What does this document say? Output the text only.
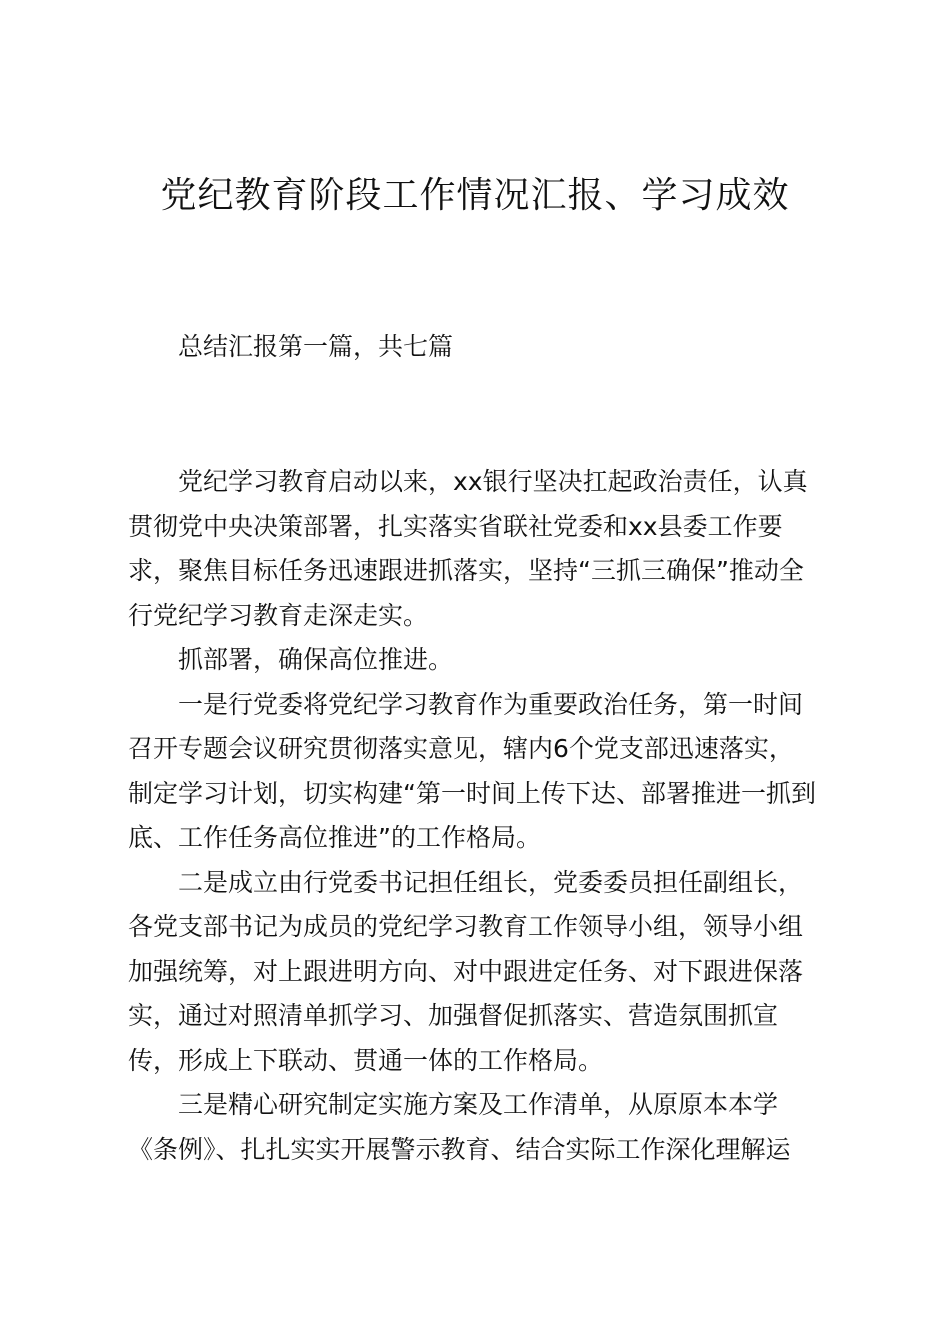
党纪教育阶段工作情况汇报、学习成效

总结汇报第一篇，共七篇

　　党纪学习教育启动以来，xx银行坚决扛起政治责任，认真
贯彻党中央决策部署，扎实落实省联社党委和xx县委工作要
求，聚焦目标任务迅速跟进抓落实，坚持“三抓三确保”推动全
行党纪学习教育走深走实。

　　抓部署，确保高位推进。

　　一是行党委将党纪学习教育作为重要政治任务，第一时间
召开专题会议研究贯彻落实意见，辖内6个党支部迅速落实，
制定学习计划，切实构建“第一时间上传下达、部署推进一抓到
底、工作任务高位推进”的工作格局。

　　二是成立由行党委书记担任组长，党委委员担任副组长，
各党支部书记为成员的党纪学习教育工作领导小组，领导小组
加强统筹，对上跟进明方向、对中跟进定任务、对下跟进保落
实，通过对照清单抓学习、加强督促抓落实、营造氛围抓宣
传，形成上下联动、贯通一体的工作格局。

　　三是精心研究制定实施方案及工作清单，从原原本本学
《条例》、扎扎实实开展警示教育、结合实际工作深化理解运
